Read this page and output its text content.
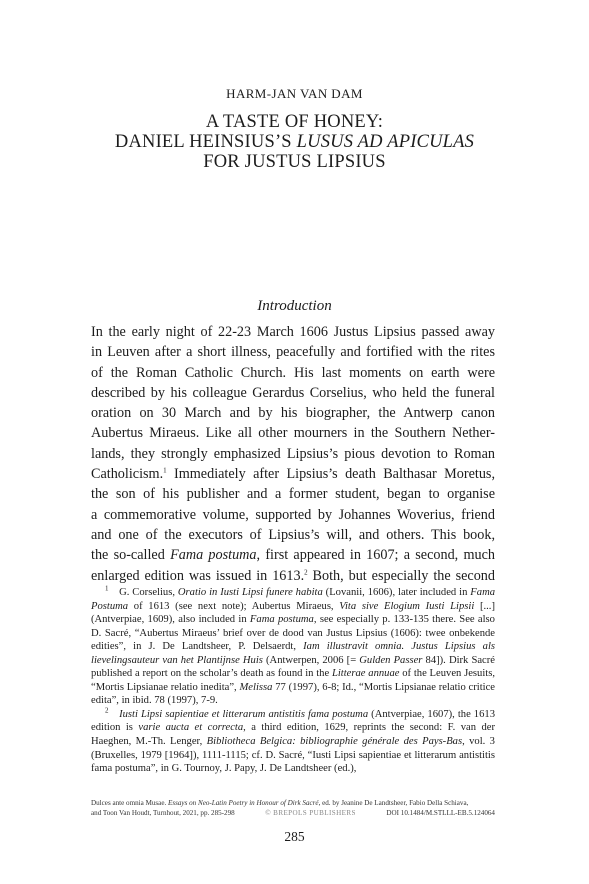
HARM-JAN VAN DAM
A TASTE OF HONEY:
DANIEL HEINSIUS’S LUSUS AD APICULAS
FOR JUSTUS LIPSIUS
Introduction
In the early night of 22-23 March 1606 Justus Lipsius passed away
in Leuven after a short illness, peacefully and fortified with the rites
of the Roman Catholic Church. His last moments on earth were
described by his colleague Gerardus Corselius, who held the funeral
oration on 30 March and by his biographer, the Antwerp canon
Aubertus Miraeus. Like all other mourners in the Southern Nether-
lands, they strongly emphasized Lipsius’s pious devotion to Roman
Catholicism.$^1$ Immediately after Lipsius’s death Balthasar Moretus,
the son of his publisher and a former student, began to organise
a commemorative volume, supported by Johannes Woverius, friend
and one of the executors of Lipsius’s will, and others. This book,
the so-called Fama postuma, first appeared in 1607; a second, much
enlarged edition was issued in 1613.$^2$ Both, but especially the second
$^1$  G. Corselius, Oratio in Iusti Lipsi funere habita (Lovanii, 1606), later included in Fama Postuma of 1613 (see next note); Aubertus Miraeus, Vita sive Elogium Iusti Lipsii [...] (Antverpiae, 1609), also included in Fama postuma, see especially p. 133-135 there. See also D. Sacré, “Aubertus Miraeus’ brief over de dood van Justus Lipsius (1606): twee onbekende edities”, in J. De Landtsheer, P. Delsaerdt, Iam illustravit omnia. Justus Lipsius als lievelingsauteur van het Plantijnse Huis (Antwerpen, 2006 [= Gulden Passer 84]). Dirk Sacré published a report on the scholar’s death as found in the Litterae annuae of the Leuven Jesuits, “Mortis Lipsianae relatio inedita”, Melissa 77 (1997), 6-8; Id., “Mortis Lipsianae relatio critice edita”, in ibid. 78 (1997), 7-9.
$^2$  Iusti Lipsi sapientiae et litterarum antistitis fama postuma (Antverpiae, 1607), the 1613 edition is varie aucta et correcta, a third edition, 1629, reprints the second: F. van der Haeghen, M.-Th. Lenger, Bibliotheca Belgica: bibliographie générale des Pays-Bas, vol. 3 (Bruxelles, 1979 [1964]), 1111-1115; cf. D. Sacré, “Iusti Lipsi sapientiae et litterarum antistitis fama postuma”, in G. Tournoy, J. Papy, J. De Landtsheer (ed.),
Dulces ante omnia Musae. Essays on Neo-Latin Poetry in Honour of Dirk Sacré, ed. by Jeanine De Landtsheer, Fabio Della Schiava,
and Toon Van Houdt, Turnhout, 2021, pp. 285-298	© BREPOLS PUBLISHERS	DOI 10.1484/M.STLLL-EB.5.124064
285
